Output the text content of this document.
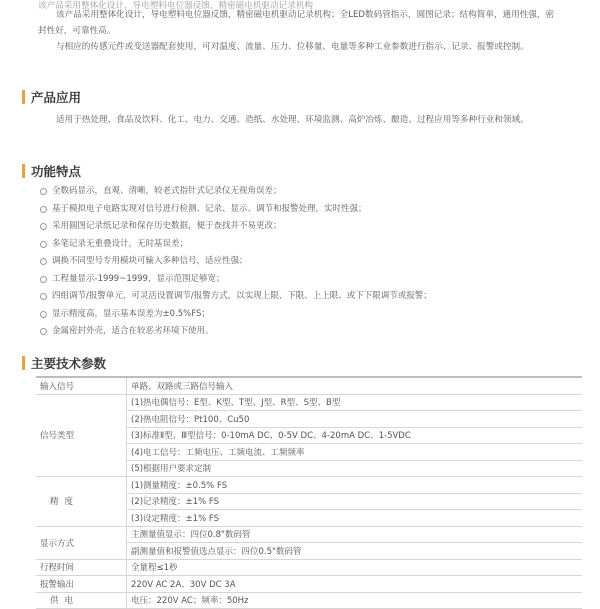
该产品采用整体化设计，导电塑料电位器反馈，精密磁电机驱动记录机构

该产品采用整体化设计，导电塑料电位器反馈，精密磁电机驱动记录机构；全LED数码管指示，圆图记录；结构简单，通用性强，密封性好，可靠性高。

与相应的传感元件或变送器配套使用，可对温度、流量、压力、位移量、电量等多种工业参数进行指示、记录、报警或控制。

产品应用
适用于热处理、食品及饮料、化工、电力、交通、造纸、水处理、环境监测、高炉冶炼、酿造、过程应用等多种行业和领域。
功能特点
全数码显示，直观、清晰，较老式指针式记录仪无视角误差；
基于模拟电子电路实现对信号进行检测、记录、显示、调节和报警处理，实时性强；
采用圆图记录纸记录和保存历史数据，便于查找并不易更改；
多笔记录无重叠设计，无时基误差；
调换不同型号专用模块可输入多种信号，适应性强；
工程量显示-1999~1999，显示范围足够宽；
四组调节/报警单元，可灵活设置调节/报警方式，以实现上限、下限、上上限、或下下限调节或报警；
显示精度高，显示基本误差为±0.5%FS；
金属密封外壳，适合在较恶劣环境下使用。
主要技术参数
输入信号	单路、双路或三路信号输入
信号类型	(1)热电偶信号：E型、K型、T型、J型、R型、S型、B型
	(2)热电阻信号：Pt100、Cu50
	(3)标准Ⅱ型、Ⅲ型信号：0-10mA DC、0-5V DC、4-20mA DC、1-5VDC
	(4)电工信号：工频电压、工频电流、工频频率
	(5)根据用户要求定制
精度	(1)测量精度：±0.5% FS
	(2)记录精度：±1% FS
	(3)设定精度：±1% FS
显示方式	主测量值显示：四位0.8"数码管
	副测量值和报警值选点显示：四位0.5"数码管
行程时间	全量程≤1秒
报警输出	220V AC 2A、30V DC 3A
供电	电压：220V AC；频率：50Hz
